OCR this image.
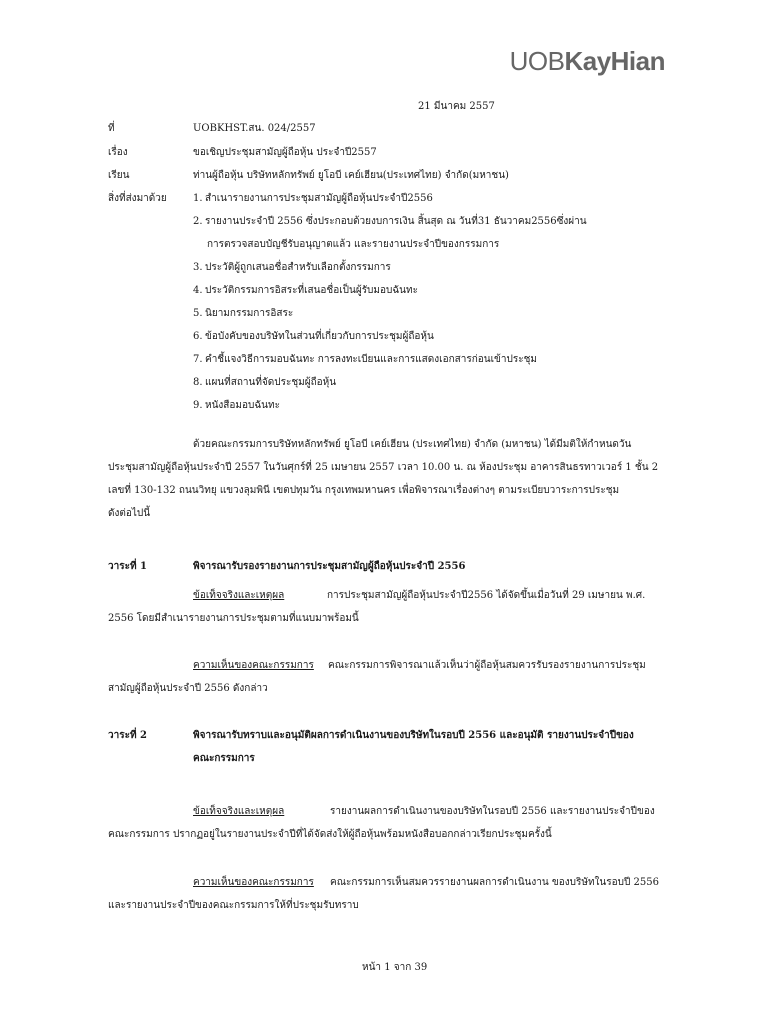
UOBKayHian
21 มีนาคม 2557
ที่	UOBKHST.สน. 024/2557
เรื่อง	ขอเชิญประชุมสามัญผู้ถือหุ้น ประจำปี2557
เรียน	ท่านผู้ถือหุ้น บริษัทหลักทรัพย์ ยูโอบี เคย์เฮียน(ประเทศไทย) จำกัด(มหาชน)
สิ่งที่ส่งมาด้วย	1. สำเนารายงานการประชุมสามัญผู้ถือหุ้นประจำปี2556
2. รายงานประจำปี 2556 ซึ่งประกอบด้วยงบการเงิน สิ้นสุด ณ วันที่31 ธันวาคม2556ซึ่งผ่าน
การตรวจสอบบัญชีรับอนุญาตแล้ว และรายงานประจำปีของกรรมการ
3. ประวัติผู้ถูกเสนอชื่อสำหรับเลือกตั้งกรรมการ
4. ประวัติกรรมการอิสระที่เสนอชื่อเป็นผู้รับมอบฉันทะ
5. นิยามกรรมการอิสระ
6. ข้อบังคับของบริษัทในส่วนที่เกี่ยวกับการประชุมผู้ถือหุ้น
7. คำชี้แจงวิธีการมอบฉันทะ การลงทะเบียนและการแสดงเอกสารก่อนเข้าประชุม
8. แผนที่สถานที่จัดประชุมผู้ถือหุ้น
9. หนังสือมอบฉันทะ
ด้วยคณะกรรมการบริษัทหลักทรัพย์ ยูโอบี เคย์เฮียน (ประเทศไทย) จำกัด (มหาชน) ได้มีมติให้กำหนดวัน
ประชุมสามัญผู้ถือหุ้นประจำปี 2557 ในวันศุกร์ที่ 25 เมษายน 2557 เวลา 10.00 น. ณ ห้องประชุม อาคารสินธรทาวเวอร์ 1 ชั้น 2
เลขที่ 130-132 ถนนวิทยุ แขวงลุมพินี เขตปทุมวัน กรุงเทพมหานคร เพื่อพิจารณาเรื่องต่างๆ ตามระเบียบวาระการประชุม
ดังต่อไปนี้
วาระที่ 1	พิจารณารับรองรายงานการประชุมสามัญผู้ถือหุ้นประจำปี 2556
ข้อเท็จจริงและเหตุผล	การประชุมสามัญผู้ถือหุ้นประจำปี2556 ได้จัดขึ้นเมื่อวันที่ 29 เมษายน พ.ศ.
2556 โดยมีสำเนารายงานการประชุมตามที่แนบมาพร้อมนี้
ความเห็นของคณะกรรมการ คณะกรรมการพิจารณาแล้วเห็นว่าผู้ถือหุ้นสมควรรับรองรายงานการประชุม
สามัญผู้ถือหุ้นประจำปี 2556 ดังกล่าว
วาระที่ 2	พิจารณารับทราบและอนุมัติผลการดำเนินงานของบริษัทในรอบปี 2556 และอนุมัติ รายงานประจำปีของ
คณะกรรมการ
ข้อเท็จจริงและเหตุผล	รายงานผลการดำเนินงานของบริษัทในรอบปี 2556 และรายงานประจำปีของ
คณะกรรมการ ปรากฏอยู่ในรายงานประจำปีที่ได้จัดส่งให้ผู้ถือหุ้นพร้อมหนังสือบอกกล่าวเรียกประชุมครั้งนี้
ความเห็นของคณะกรรมการ คณะกรรมการเห็นสมควรรายงานผลการดำเนินงาน ของบริษัทในรอบปี 2556
และรายงานประจำปีของคณะกรรมการให้ที่ประชุมรับทราบ
หน้า 1 จาก 39
